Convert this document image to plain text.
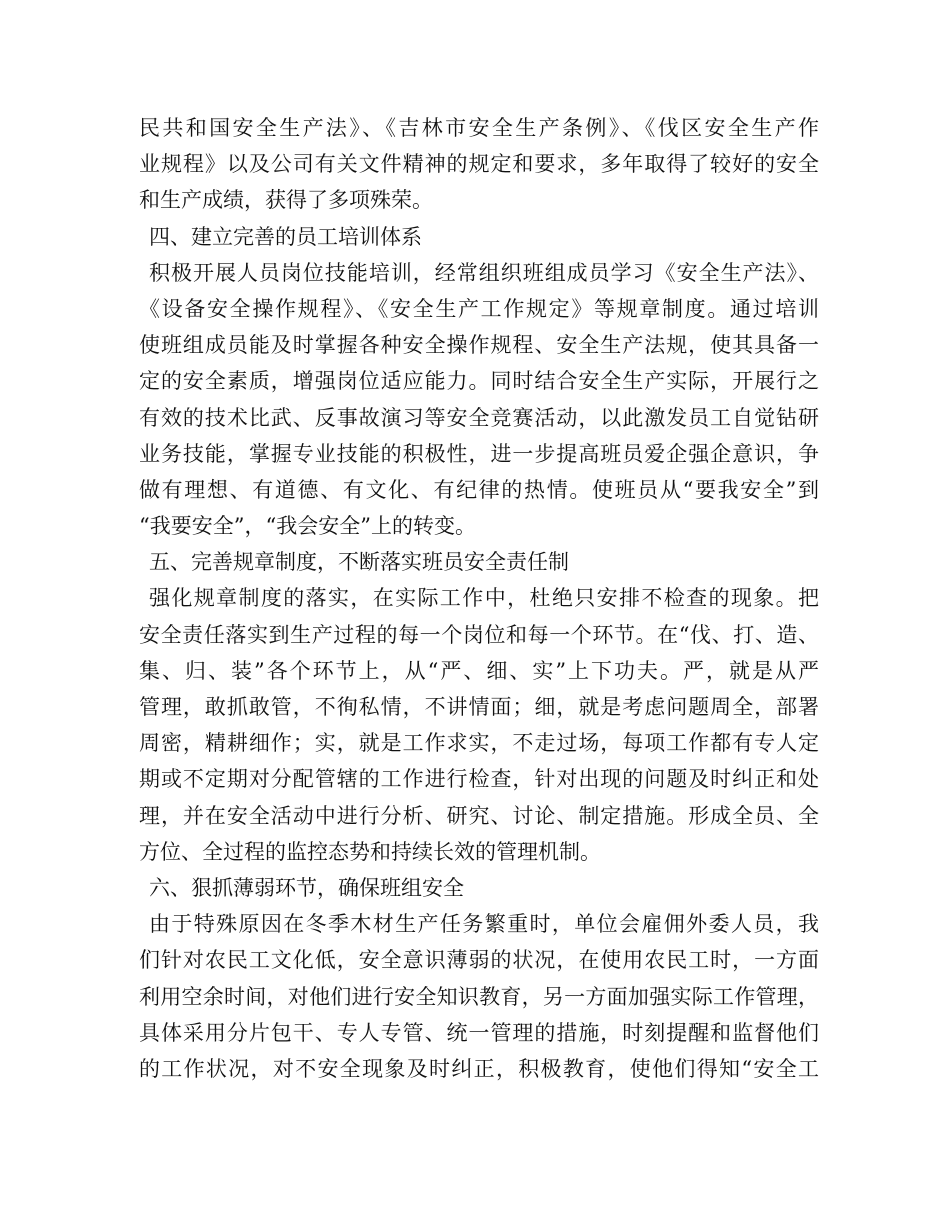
民共和国安全生产法》、《吉林市安全生产条例》、《伐区安全生产作
业规程》以及公司有关文件精神的规定和要求，多年取得了较好的安全
和生产成绩，获得了多项殊荣。
四、建立完善的员工培训体系
积极开展人员岗位技能培训，经常组织班组成员学习《安全生产法》、
《设备安全操作规程》、《安全生产工作规定》等规章制度。通过培训
使班组成员能及时掌握各种安全操作规程、安全生产法规，使其具备一
定的安全素质，增强岗位适应能力。同时结合安全生产实际，开展行之
有效的技术比武、反事故演习等安全竞赛活动，以此激发员工自觉钻研
业务技能，掌握专业技能的积极性，进一步提高班员爱企强企意识，争
做有理想、有道德、有文化、有纪律的热情。使班员从“要我安全”到
“我要安全”，“我会安全”上的转变。
五、完善规章制度，不断落实班员安全责任制
强化规章制度的落实，在实际工作中，杜绝只安排不检查的现象。把
安全责任落实到生产过程的每一个岗位和每一个环节。在“伐、打、造、
集、归、装”各个环节上，从“严、细、实”上下功夫。严，就是从严
管理，敢抓敢管，不徇私情，不讲情面；细，就是考虑问题周全，部署
周密，精耕细作；实，就是工作求实，不走过场，每项工作都有专人定
期或不定期对分配管辖的工作进行检查，针对出现的问题及时纠正和处
理，并在安全活动中进行分析、研究、讨论、制定措施。形成全员、全
方位、全过程的监控态势和持续长效的管理机制。
六、狠抓薄弱环节，确保班组安全
由于特殊原因在冬季木材生产任务繁重时，单位会雇佣外委人员，我
们针对农民工文化低，安全意识薄弱的状况，在使用农民工时，一方面
利用空余时间，对他们进行安全知识教育，另一方面加强实际工作管理，
具体采用分片包干、专人专管、统一管理的措施，时刻提醒和监督他们
的工作状况，对不安全现象及时纠正，积极教育，使他们得知“安全工
